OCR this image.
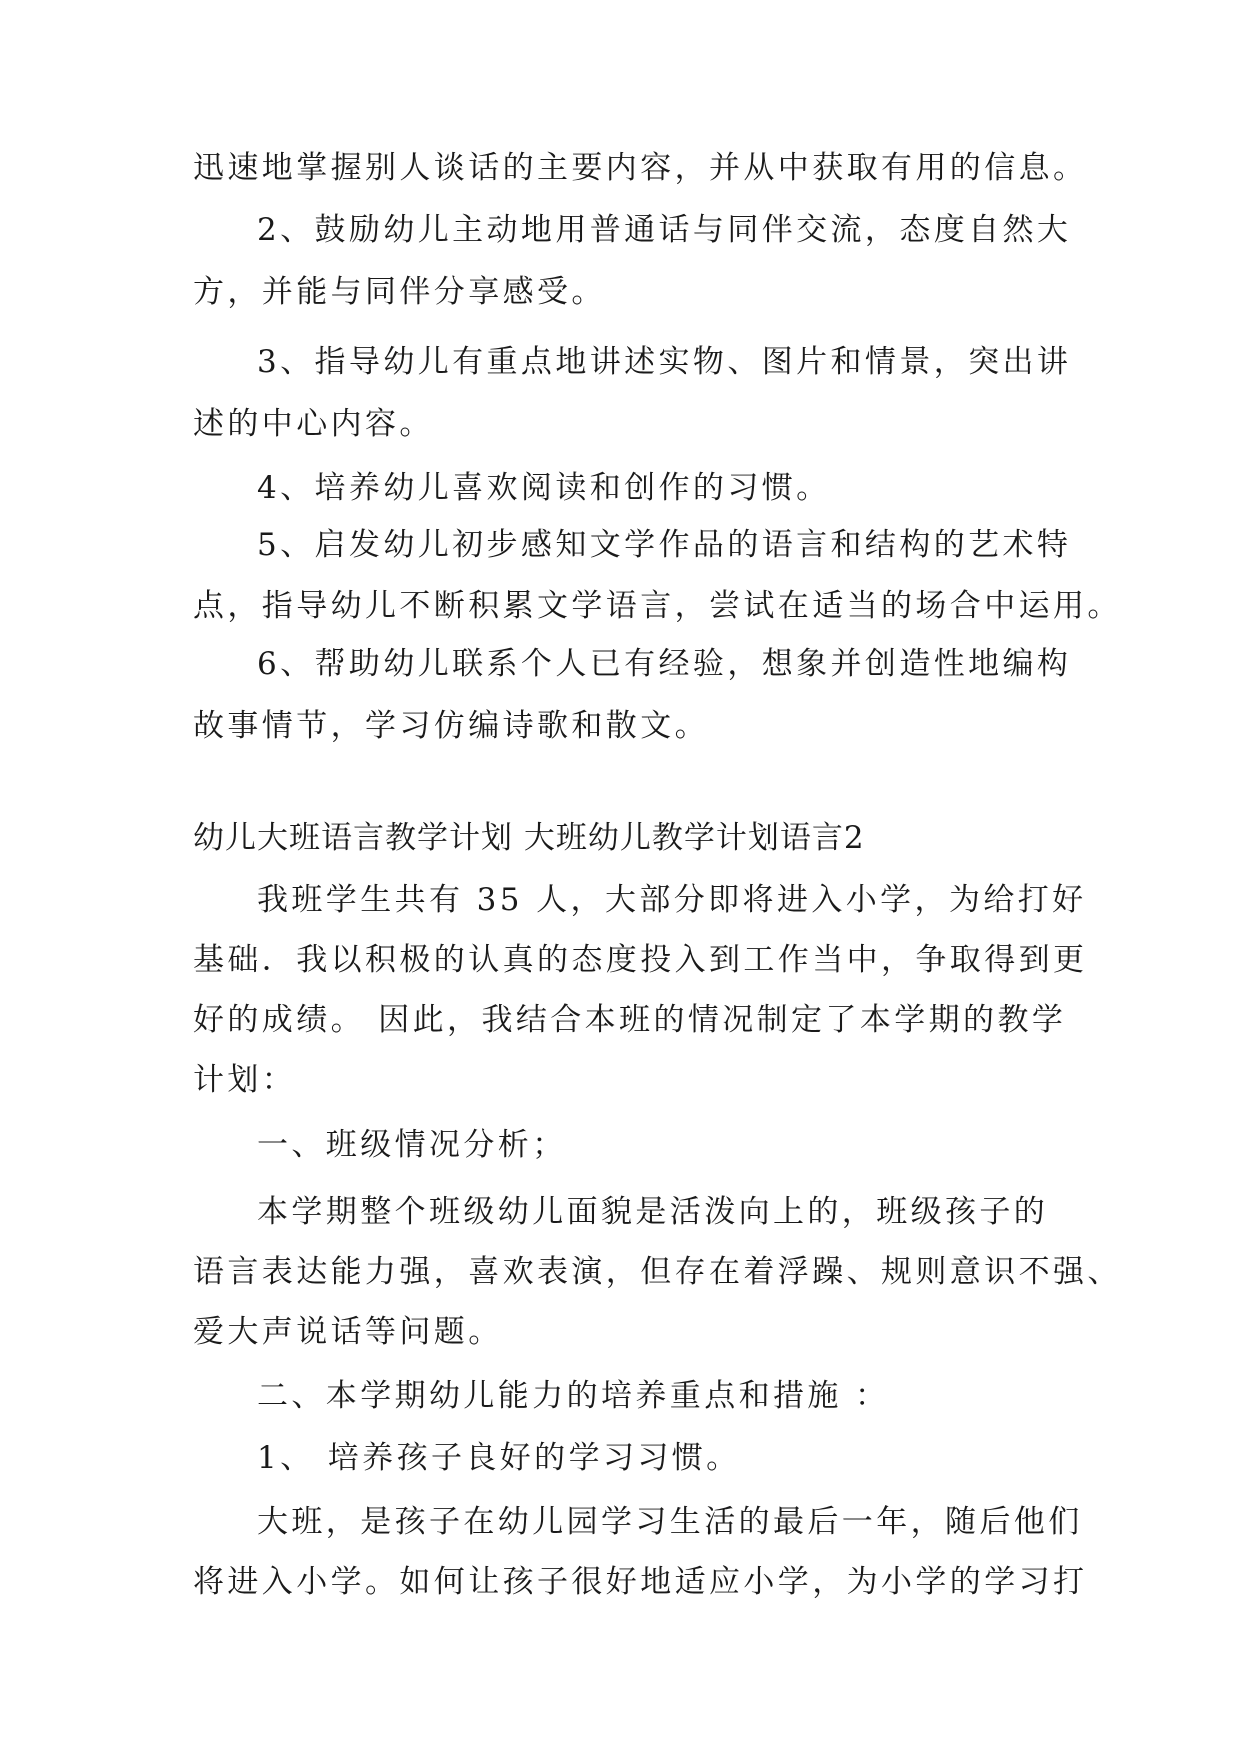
迅速地掌握别人谈话的主要内容，并从中获取有用的信息。
2、鼓励幼儿主动地用普通话与同伴交流，态度自然大
方，并能与同伴分享感受。
3、指导幼儿有重点地讲述实物、图片和情景，突出讲
述的中心内容。
4、培养幼儿喜欢阅读和创作的习惯。
5、启发幼儿初步感知文学作品的语言和结构的艺术特
点，指导幼儿不断积累文学语言，尝试在适当的场合中运用。
6、帮助幼儿联系个人已有经验，想象并创造性地编构
故事情节，学习仿编诗歌和散文。
幼儿大班语言教学计划 大班幼儿教学计划语言2
我班学生共有 35 人，大部分即将进入小学，为给打好
基础．我以积极的认真的态度投入到工作当中，争取得到更
好的成绩。 因此，我结合本班的情况制定了本学期的教学
计划：
一、班级情况分析；
本学期整个班级幼儿面貌是活泼向上的，班级孩子的
语言表达能力强，喜欢表演，但存在着浮躁、规则意识不强、
爱大声说话等问题。
二、本学期幼儿能力的培养重点和措施 ：
1、 培养孩子良好的学习习惯。
大班，是孩子在幼儿园学习生活的最后一年，随后他们
将进入小学。如何让孩子很好地适应小学，为小学的学习打
